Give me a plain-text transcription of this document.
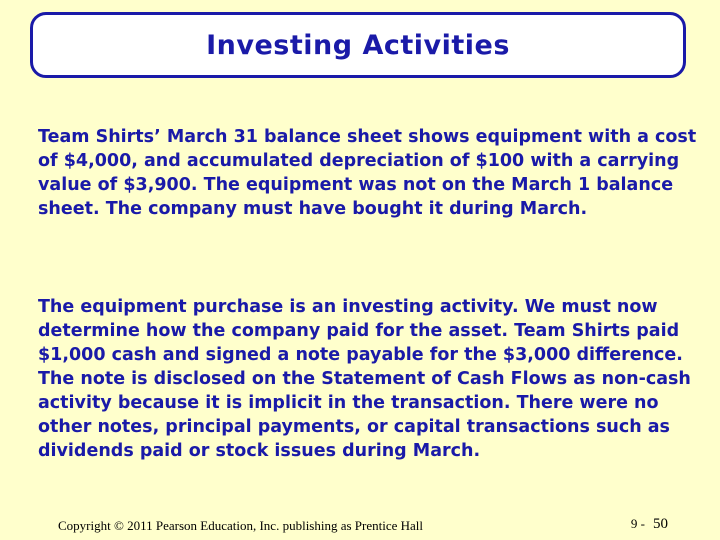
Investing Activities

Team Shirts’ March 31 balance sheet shows equipment with a cost of $4,000, and accumulated depreciation of $100 with a carrying value of $3,900. The equipment was not on the March 1 balance sheet. The company must have bought it during March.

The equipment purchase is an investing activity. We must now determine how the company paid for the asset. Team Shirts paid $1,000 cash and signed a note payable for the $3,000 difference. The note is disclosed on the Statement of Cash Flows as non-cash activity because it is implicit in the transaction. There were no other notes, principal payments, or capital transactions such as dividends paid or stock issues during March.

Copyright © 2011 Pearson Education, Inc. publishing as Prentice Hall	9 - 50
